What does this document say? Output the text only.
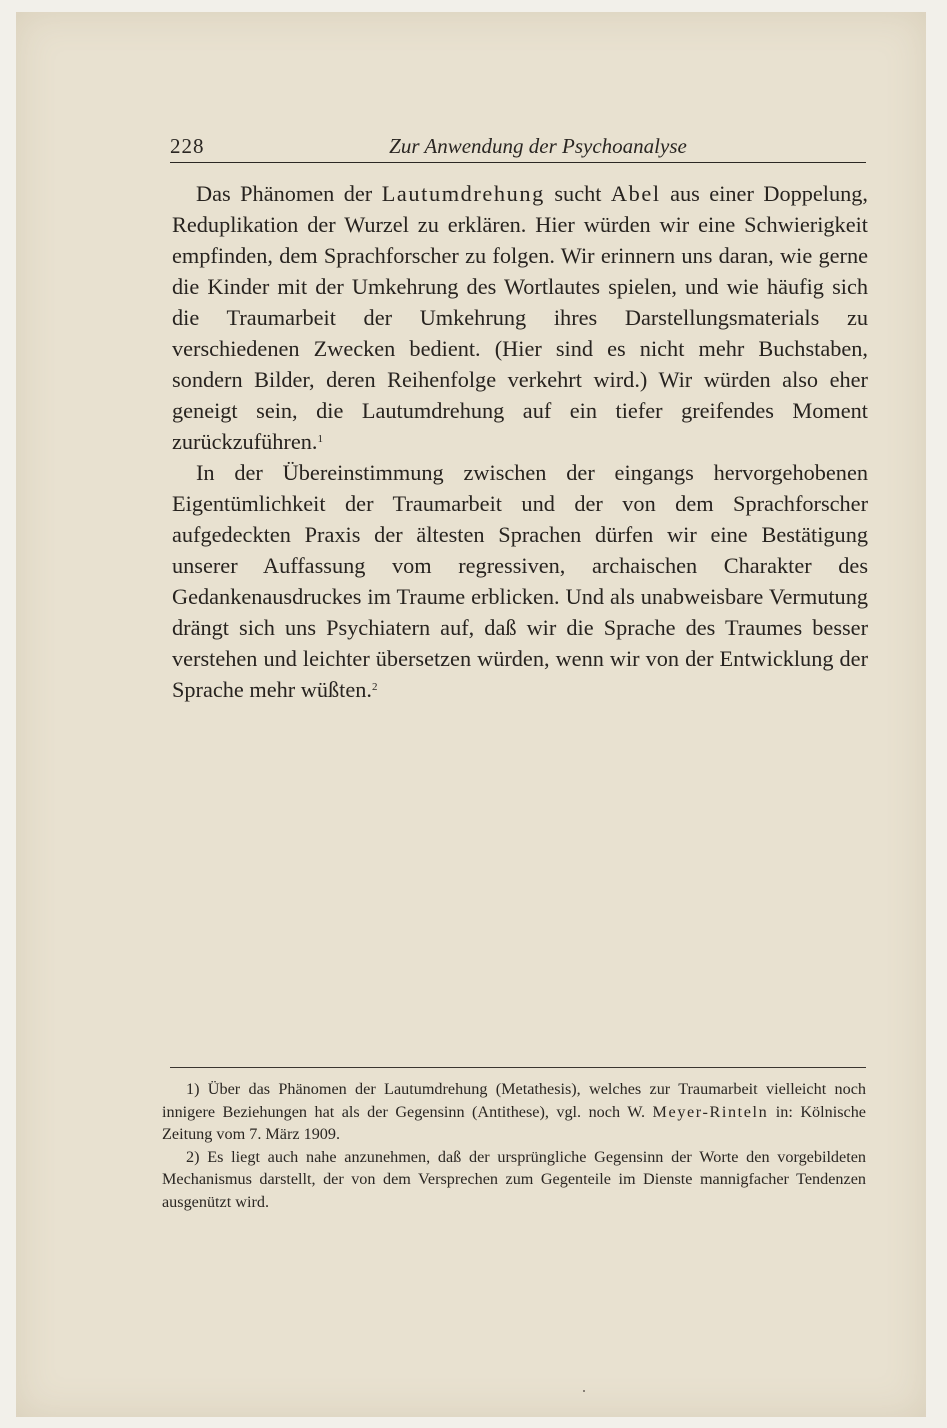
228	Zur Anwendung der Psychoanalyse

Das Phänomen der Lautumdrehung sucht Abel aus einer Doppelung, Reduplikation der Wurzel zu erklären. Hier würden wir eine Schwierigkeit empfinden, dem Sprachforscher zu folgen. Wir erinnern uns daran, wie gerne die Kinder mit der Umkehrung des Wortlautes spielen, und wie häufig sich die Traumarbeit der Umkehrung ihres Darstellungsmaterials zu verschiedenen Zwecken bedient. (Hier sind es nicht mehr Buchstaben, sondern Bilder, deren Reihenfolge verkehrt wird.) Wir würden also eher geneigt sein, die Lautumdrehung auf ein tiefer greifendes Moment zurückzuführen.$^1$

In der Übereinstimmung zwischen der eingangs hervorgehobenen Eigentümlichkeit der Traumarbeit und der von dem Sprachforscher aufgedeckten Praxis der ältesten Sprachen dürfen wir eine Bestätigung unserer Auffassung vom regressiven, archaischen Charakter des Gedankenausdruckes im Traume erblicken. Und als unabweisbare Vermutung drängt sich uns Psychiatern auf, daß wir die Sprache des Traumes besser verstehen und leichter übersetzen würden, wenn wir von der Entwicklung der Sprache mehr wüßten.$^2$

1) Über das Phänomen der Lautumdrehung (Metathesis), welches zur Traumarbeit vielleicht noch innigere Beziehungen hat als der Gegensinn (Antithese), vgl. noch W. Meyer-Rinteln in: Kölnische Zeitung vom 7. März 1909.

2) Es liegt auch nahe anzunehmen, daß der ursprüngliche Gegensinn der Worte den vorgebildeten Mechanismus darstellt, der von dem Versprechen zum Gegenteile im Dienste mannigfacher Tendenzen ausgenützt wird.
